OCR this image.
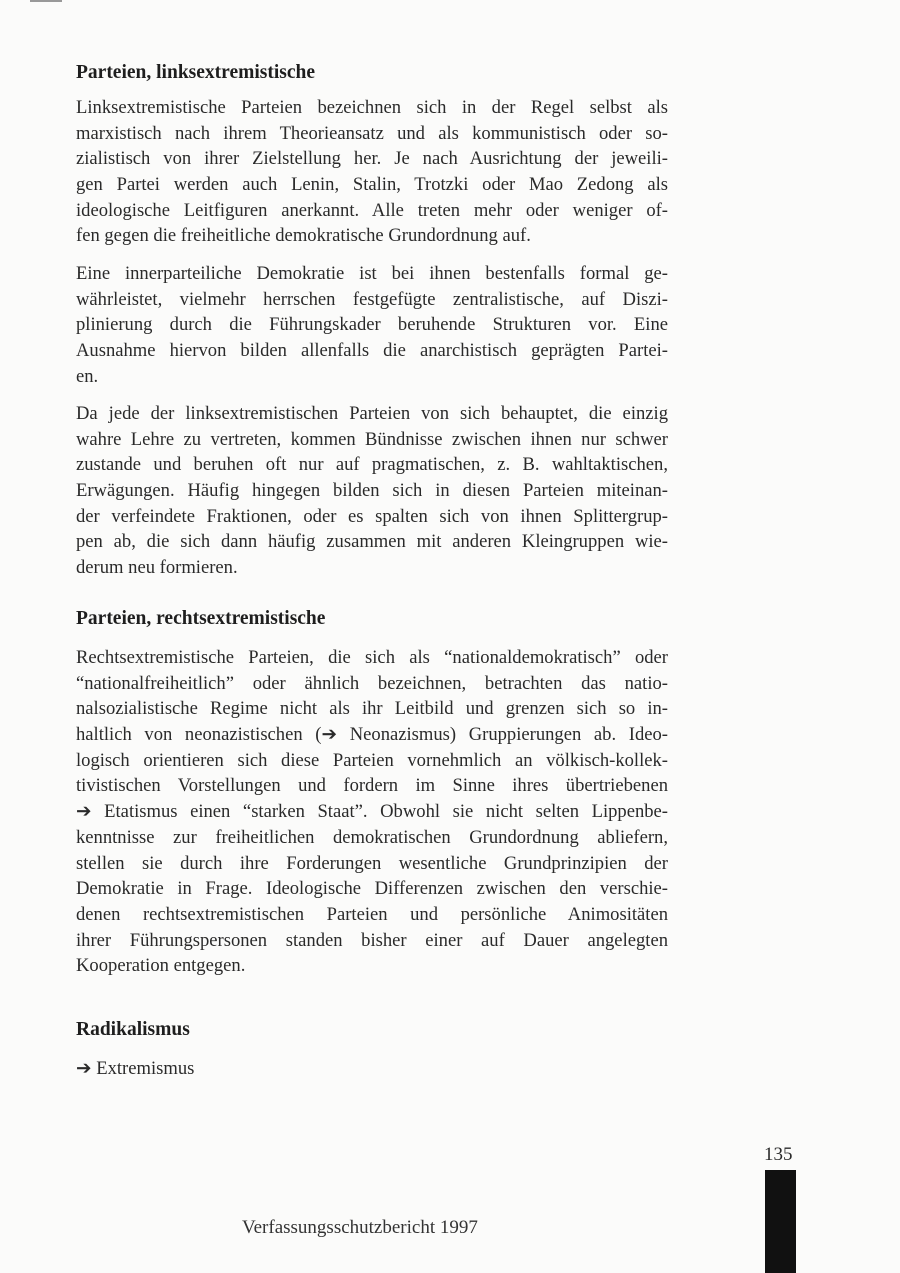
Parteien, linksextremistische
Linksextremistische Parteien bezeichnen sich in der Regel selbst als
marxistisch nach ihrem Theorieansatz und als kommunistisch oder so-
zialistisch von ihrer Zielstellung her. Je nach Ausrichtung der jeweili-
gen Partei werden auch Lenin, Stalin, Trotzki oder Mao Zedong als
ideologische Leitfiguren anerkannt. Alle treten mehr oder weniger of-
fen gegen die freiheitliche demokratische Grundordnung auf.
Eine innerparteiliche Demokratie ist bei ihnen bestenfalls formal ge-
währleistet, vielmehr herrschen festgefügte zentralistische, auf Diszi-
plinierung durch die Führungskader beruhende Strukturen vor. Eine
Ausnahme hiervon bilden allenfalls die anarchistisch geprägten Partei-
en.
Da jede der linksextremistischen Parteien von sich behauptet, die einzig
wahre Lehre zu vertreten, kommen Bündnisse zwischen ihnen nur schwer
zustande und beruhen oft nur auf pragmatischen, z. B. wahltaktischen,
Erwägungen. Häufig hingegen bilden sich in diesen Parteien miteinan-
der verfeindete Fraktionen, oder es spalten sich von ihnen Splittergrup-
pen ab, die sich dann häufig zusammen mit anderen Kleingruppen wie-
derum neu formieren.
Parteien, rechtsextremistische
Rechtsextremistische Parteien, die sich als “nationaldemokratisch” oder
“nationalfreiheitlich” oder ähnlich bezeichnen, betrachten das natio-
nalsozialistische Regime nicht als ihr Leitbild und grenzen sich so in-
haltlich von neonazistischen (➔ Neonazismus) Gruppierungen ab. Ideo-
logisch orientieren sich diese Parteien vornehmlich an völkisch-kollek-
tivistischen Vorstellungen und fordern im Sinne ihres übertriebenen
➔ Etatismus einen “starken Staat”. Obwohl sie nicht selten Lippenbe-
kenntnisse zur freiheitlichen demokratischen Grundordnung abliefern,
stellen sie durch ihre Forderungen wesentliche Grundprinzipien der
Demokratie in Frage. Ideologische Differenzen zwischen den verschie-
denen rechtsextremistischen Parteien und persönliche Animositäten
ihrer Führungspersonen standen bisher einer auf Dauer angelegten
Kooperation entgegen.
Radikalismus
➔ Extremismus
135
Verfassungsschutzbericht 1997
